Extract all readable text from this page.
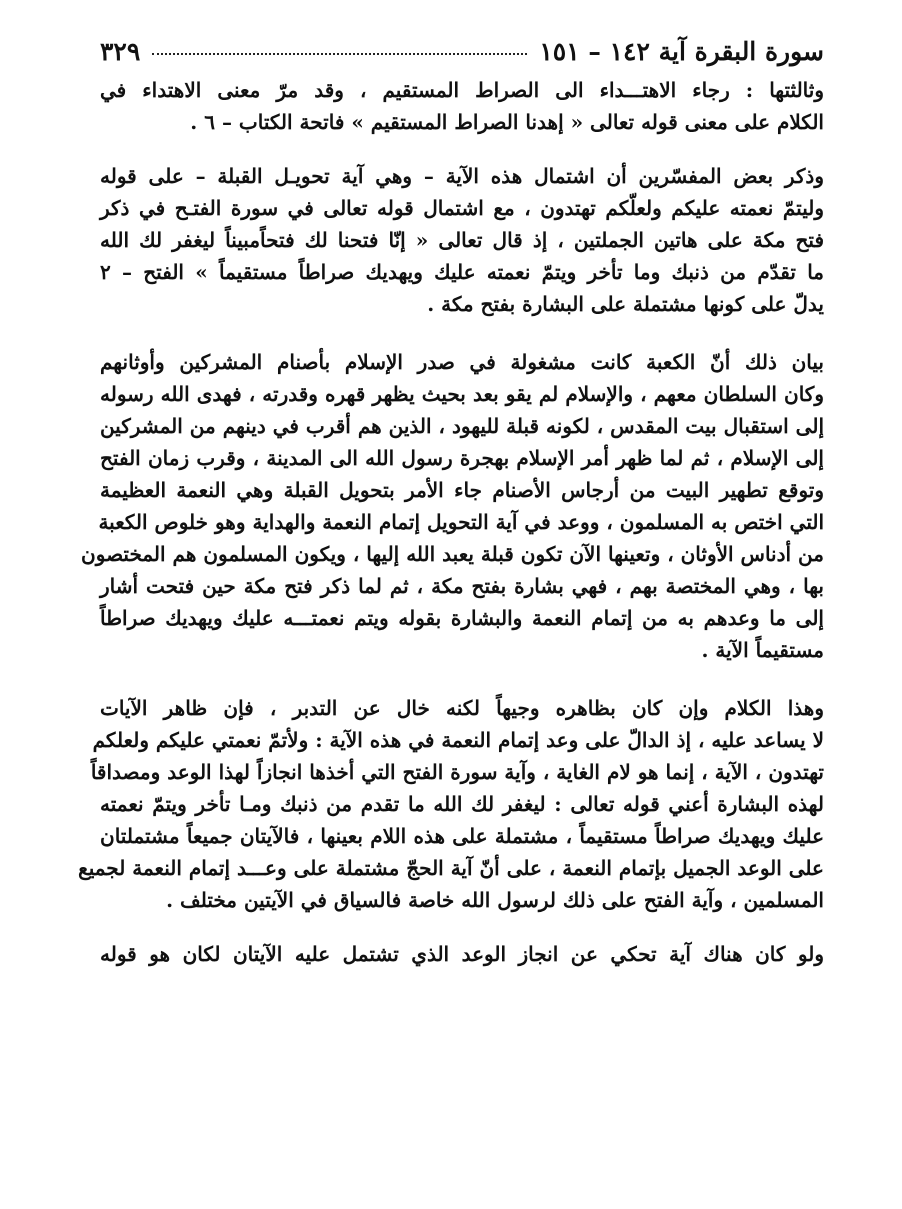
سورة البقرة آية ١٤٢ – ١٥١
٣٢٩
وثالثتها : رجاء الاهتـــداء الى الصراط المستقيم ، وقد مرّ معنى الاهتداء في
الكلام على معنى قوله تعالى « إهدنا الصراط المستقيم » فاتحة الكتاب – ٦ .
وذكر بعض المفسّرين أن اشتمال هذه الآية – وهي آية تحويـل القبلة – على قوله
وليتمّ نعمته عليكم ولعلّكم تهتدون ، مع اشتمال قوله تعالى في سورة الفتـح في ذكر
فتح مكة على هاتين الجملتين ، إذ قال تعالى « إنّا فتحنا لك فتحاًمبيناً ليغفر لك الله
ما تقدّم من ذنبك وما تأخر ويتمّ نعمته عليك ويهديك صراطاً مستقيماً » الفتح – ٢
يدلّ على كونها مشتملة على البشارة بفتح مكة .
بيان ذلك أنّ الكعبة كانت مشغولة في صدر الإسلام بأصنام المشركين وأوثانهم
وكان السلطان معهم ، والإسلام لم يقو بعد بحيث يظهر قهره وقدرته ، فهدى الله رسوله
إلى استقبال بيت المقدس ، لكونه قبلة لليهود ، الذين هم أقرب في دينهم من المشركين
إلى الإسلام ، ثم لما ظهر أمر الإسلام بهجرة رسول الله الى المدينة ، وقرب زمان الفتح
وتوقع تطهير البيت من أرجاس الأصنام جاء الأمر بتحويل القبلة وهي النعمة العظيمة
التي اختص به المسلمون ، ووعد في آية التحويل إتمام النعمة والهداية وهو خلوص الكعبة
من أدناس الأوثان ، وتعينها الآن تكون قبلة يعبد الله إليها ، ويكون المسلمون هم المختصون
بها ، وهي المختصة بهم ، فهي بشارة بفتح مكة ، ثم لما ذكر فتح مكة حين فتحت أشار
إلى ما وعدهم به من إتمام النعمة والبشارة بقوله ويتم نعمتـــه عليك ويهديك صراطاً
مستقيماً الآية .
وهذا الكلام وإن كان بظاهره وجيهاً لكنه خال عن التدبر ، فإن ظاهر الآيات
لا يساعد عليه ، إذ الدالّ على وعد إتمام النعمة في هذه الآية : ولأتمّ نعمتي عليكم ولعلكم
تهتدون ، الآية ، إنما هو لام الغاية ، وآية سورة الفتح التي أخذها انجازاً لهذا الوعد ومصداقاً
لهذه البشارة أعني قوله تعالى : ليغفر لك الله ما تقدم من ذنبك ومـا تأخر ويتمّ نعمته
عليك ويهديك صراطاً مستقيماً ، مشتملة على هذه اللام بعينها ، فالآيتان جميعاً مشتملتان
على الوعد الجميل بإتمام النعمة ، على أنّ آية الحجّ مشتملة على وعـــد إتمام النعمة لجميع
المسلمين ، وآية الفتح على ذلك لرسول الله خاصة فالسياق في الآيتين مختلف .
ولو كان هناك آية تحكي عن انجاز الوعد الذي تشتمل عليه الآيتان لكان هو قوله
